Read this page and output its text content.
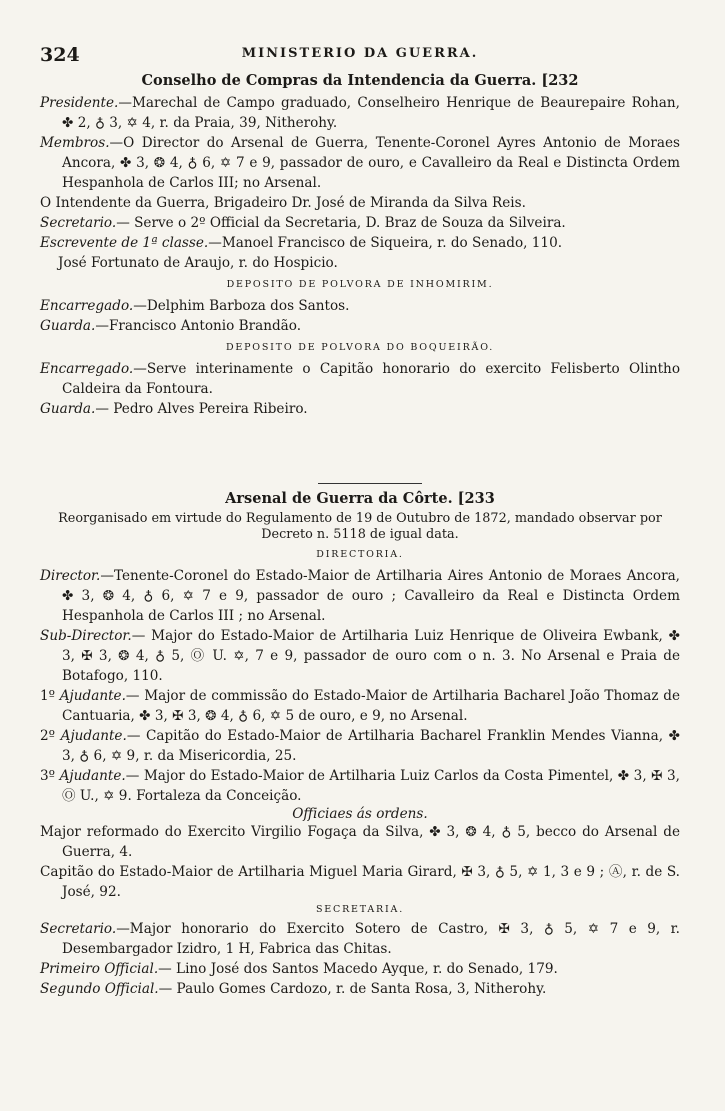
324	MINISTERIO DA GUERRA.
Conselho de Compras da Intendencia da Guerra. [232
Presidente.—Marechal de Campo graduado, Conselheiro Henrique de Beaurepaire Rohan, ✤ 2, ♁ 3, ✡ 4, r. da Praia, 39, Nitherohy.
Membros.—O Director do Arsenal de Guerra, Tenente-Coronel Ayres Antonio de Moraes Ancora, ✤ 3, ❂ 4, ♁ 6, ✡ 7 e 9, passador de ouro, e Cavalleiro da Real e Distincta Ordem Hespanhola de Carlos III; no Arsenal.
O Intendente da Guerra, Brigadeiro Dr. José de Miranda da Silva Reis.
Secretario.— Serve o 2º Official da Secretaria, D. Braz de Souza da Silveira.
Escrevente de 1ª classe.—Manoel Francisco de Siqueira, r. do Senado, 110.
José Fortunato de Araujo, r. do Hospicio.
DEPOSITO DE POLVORA DE INHOMIRIM.
Encarregado.—Delphim Barboza dos Santos.
Guarda.—Francisco Antonio Brandão.
DEPOSITO DE POLVORA DO BOQUEIRÃO.
Encarregado.—Serve interinamente o Capitão honorario do exercito Felisberto Olintho Caldeira da Fontoura.
Guarda.— Pedro Alves Pereira Ribeiro.
Arsenal de Guerra da Côrte. [233
Reorganisado em virtude do Regulamento de 19 de Outubro de 1872, mandado observar por Decreto n. 5118 de igual data.
DIRECTORIA.
Director.—Tenente-Coronel do Estado-Maior de Artilharia Aires Antonio de Moraes Ancora, ✤ 3, ❂ 4, ♁ 6, ✡ 7 e 9, passador de ouro ; Cavalleiro da Real e Distincta Ordem Hespanhola de Carlos III ; no Arsenal.
Sub-Director.— Major do Estado-Maior de Artilharia Luiz Henrique de Oliveira Ewbank, ✤ 3, ✠ 3, ❂ 4, ♁ 5, Ⓞ U. ✡, 7 e 9, passador de ouro com o n. 3. No Arsenal e Praia de Botafogo, 110.
1º Ajudante.— Major de commissão do Estado-Maior de Artilharia Bacharel João Thomaz de Cantuaria, ✤ 3, ✠ 3, ❂ 4, ♁ 6, ✡ 5 de ouro, e 9, no Arsenal.
2º Ajudante.— Capitão do Estado-Maior de Artilharia Bacharel Franklin Mendes Vianna, ✤ 3, ♁ 6, ✡ 9, r. da Misericordia, 25.
3º Ajudante.— Major do Estado-Maior de Artilharia Luiz Carlos da Costa Pimentel, ✤ 3, ✠ 3, Ⓞ U., ✡ 9. Fortaleza da Conceição.
Officiaes ás ordens.
Major reformado do Exercito Virgilio Fogaça da Silva, ✤ 3, ❂ 4, ♁ 5, becco do Arsenal de Guerra, 4.
Capitão do Estado-Maior de Artilharia Miguel Maria Girard, ✠ 3, ♁ 5, ✡ 1, 3 e 9 ; Ⓐ, r. de S. José, 92.
SECRETARIA.
Secretario.—Major honorario do Exercito Sotero de Castro, ✠ 3, ♁ 5, ✡ 7 e 9, r. Desembargador Izidro, 1 H, Fabrica das Chitas.
Primeiro Official.— Lino José dos Santos Macedo Ayque, r. do Senado, 179.
Segundo Official.— Paulo Gomes Cardozo, r. de Santa Rosa, 3, Nitherohy.
